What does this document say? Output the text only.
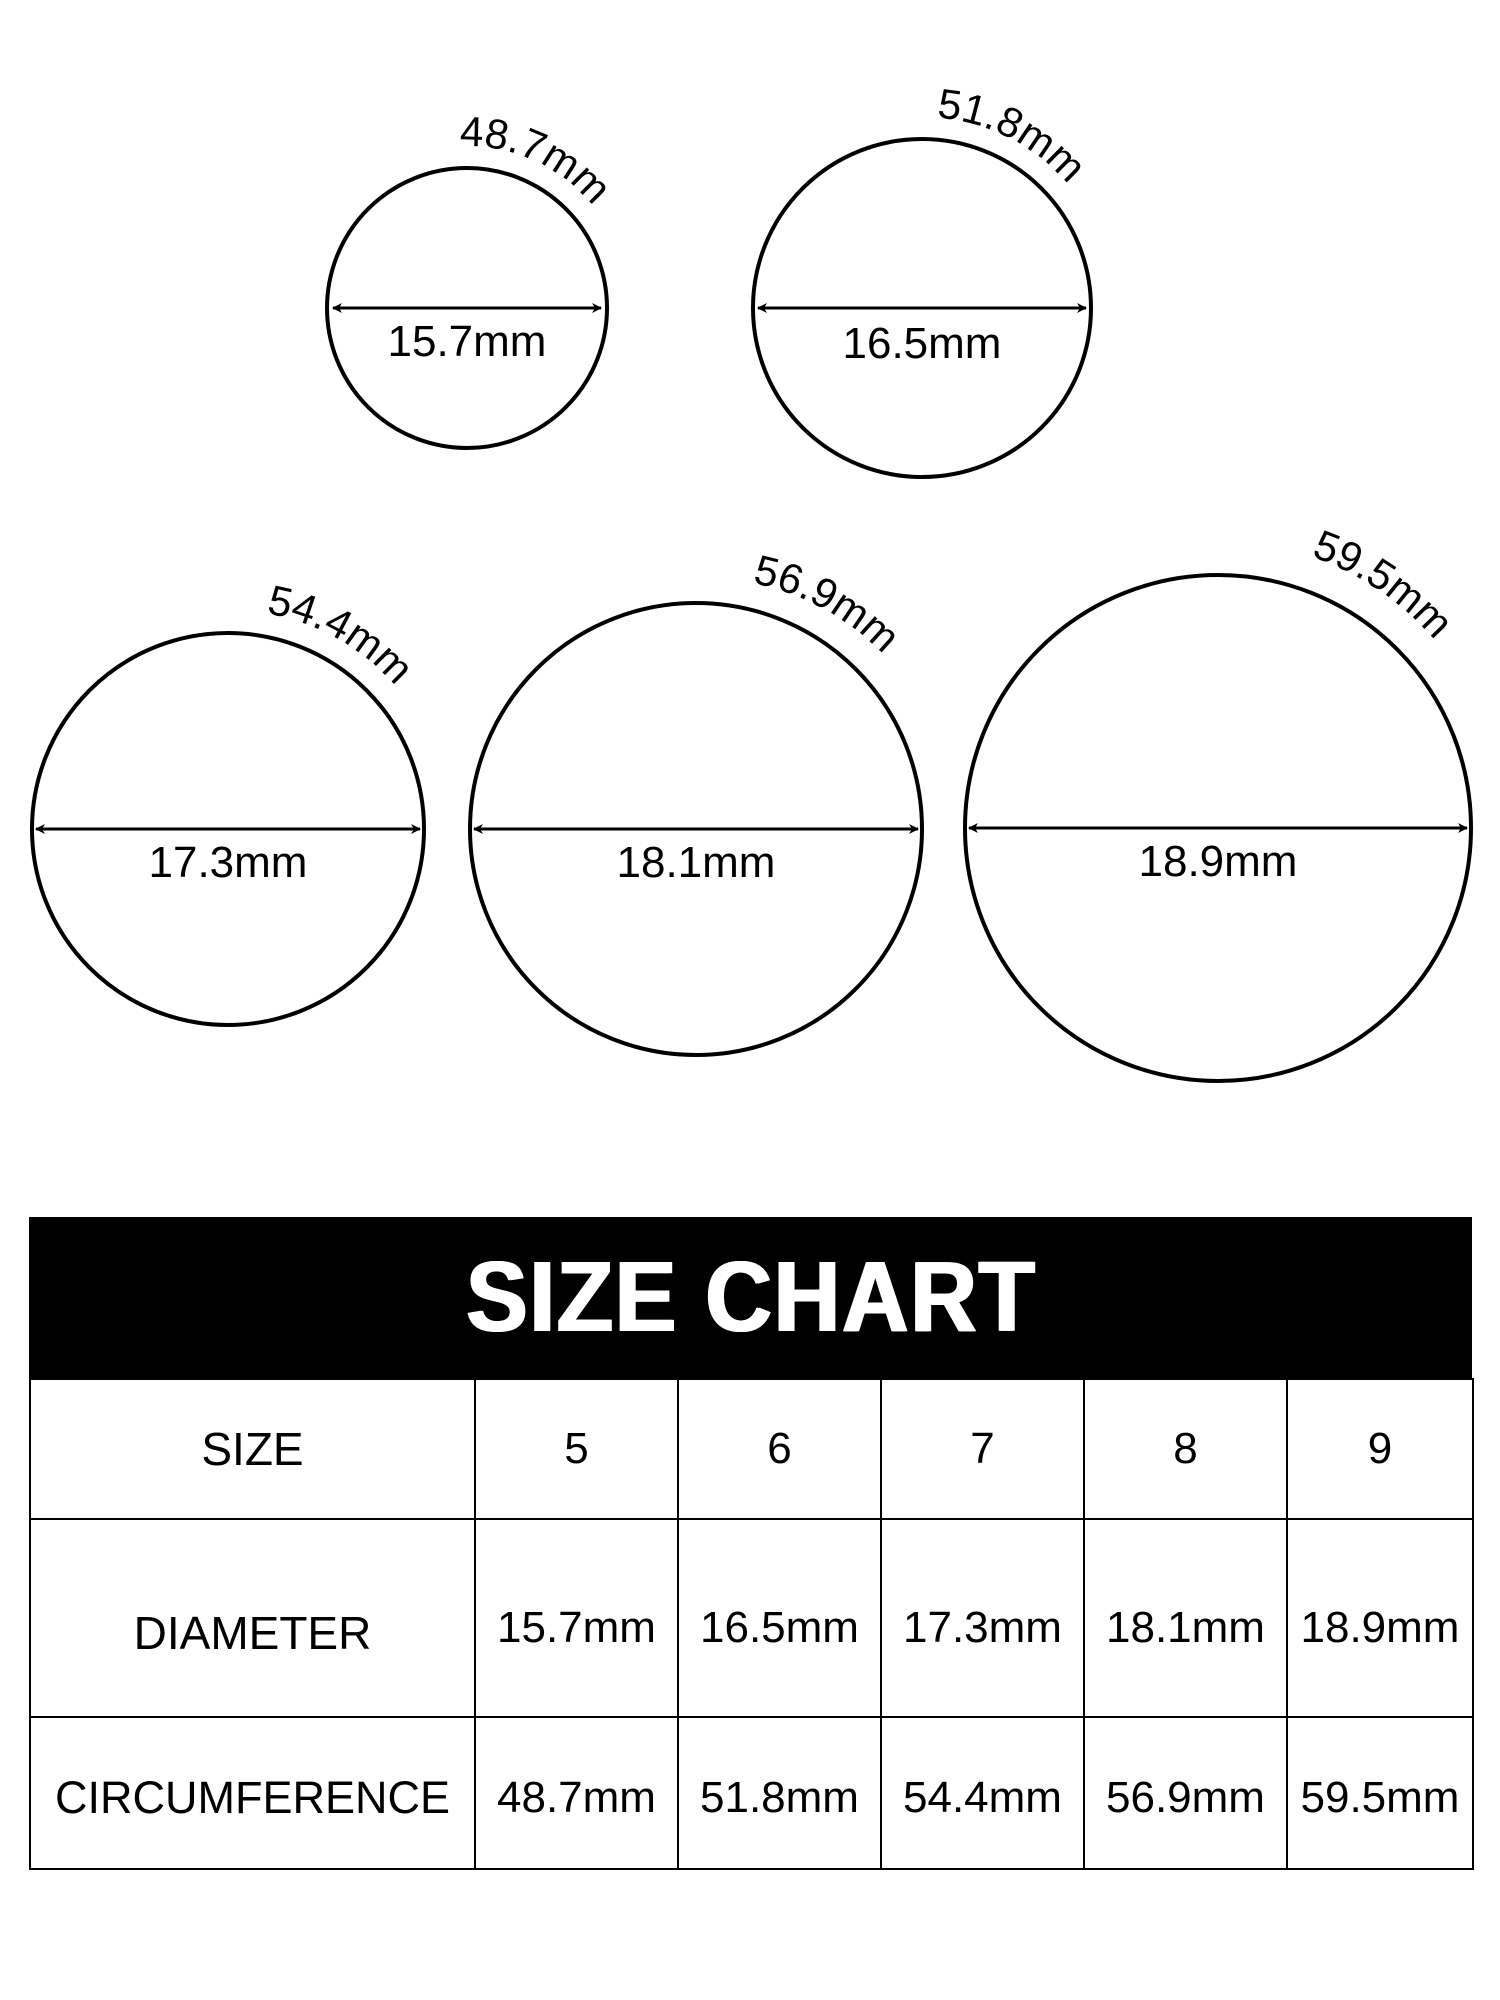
15.7mm
48.7mm
16.5mm
51.8mm
17.3mm
54.4mm
18.1mm
56.9mm
18.9mm
59.5mm
SIZE CHART
SIZE	5	6	7	8	9
DIAMETER	15.7mm	16.5mm	17.3mm	18.1mm	18.9mm
CIRCUMFERENCE	48.7mm	51.8mm	54.4mm	56.9mm	59.5mm
